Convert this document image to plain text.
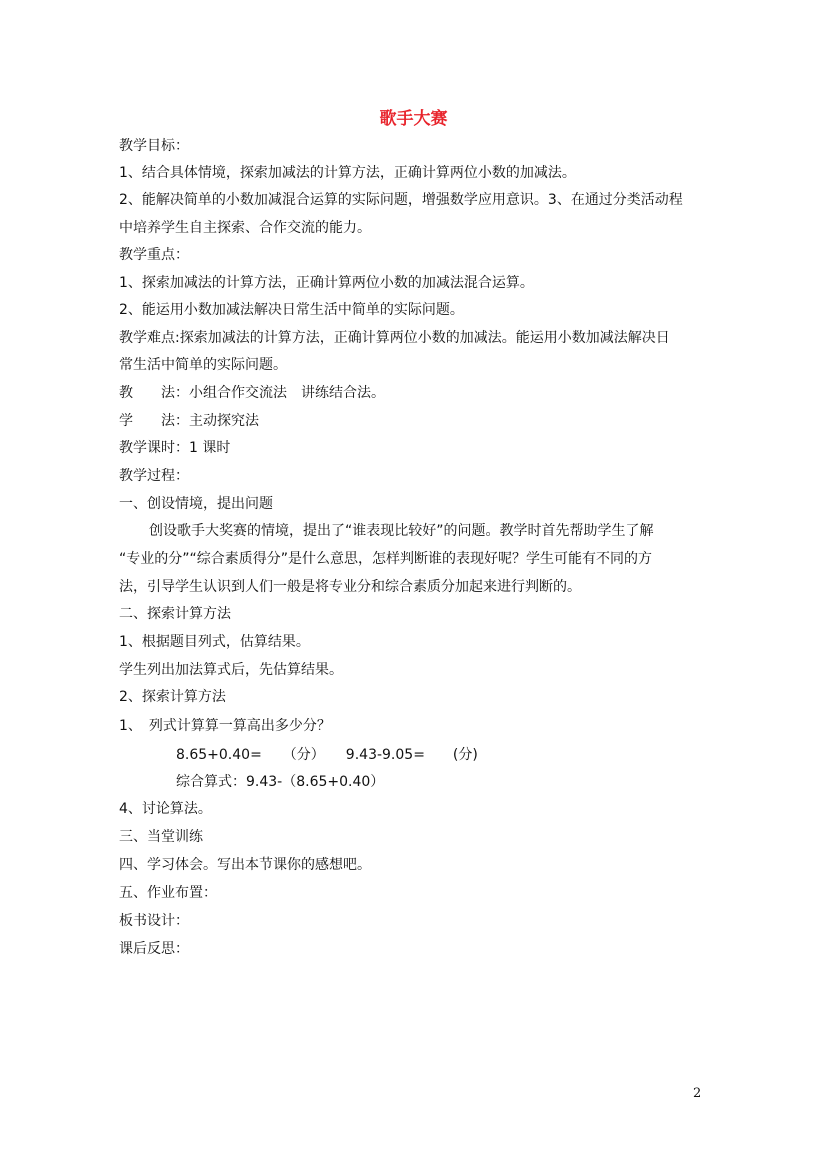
歌手大赛
教学目标：
1、结合具体情境，探索加减法的计算方法，正确计算两位小数的加减法。
2、能解决简单的小数加减混合运算的实际问题，增强数学应用意识。3、在通过分类活动程
中培养学生自主探索、合作交流的能力。
教学重点：
1、探索加减法的计算方法，正确计算两位小数的加减法混合运算。
2、能运用小数加减法解决日常生活中简单的实际问题。
教学难点:探索加减法的计算方法，正确计算两位小数的加减法。能运用小数加减法解决日
常生活中简单的实际问题。
教　　法：小组合作交流法　讲练结合法。
学　　法：主动探究法
教学课时：1 课时
教学过程：
一、创设情境，提出问题
创设歌手大奖赛的情境，提出了“谁表现比较好”的问题。教学时首先帮助学生了解
“专业的分”“综合素质得分”是什么意思，怎样判断谁的表现好呢？学生可能有不同的方
法，引导学生认识到人们一般是将专业分和综合素质分加起来进行判断的。
二、探索计算方法
1、根据题目列式，估算结果。
学生列出加法算式后，先估算结果。
2、探索计算方法
1、　列式计算算一算高出多少分？
8.65+0.40=　　（分）　　9.43-9.05=　　(分)
综合算式：9.43-（8.65+0.40）
4、讨论算法。
三、当堂训练
四、学习体会。写出本节课你的感想吧。
五、作业布置：
板书设计：
课后反思：
2
